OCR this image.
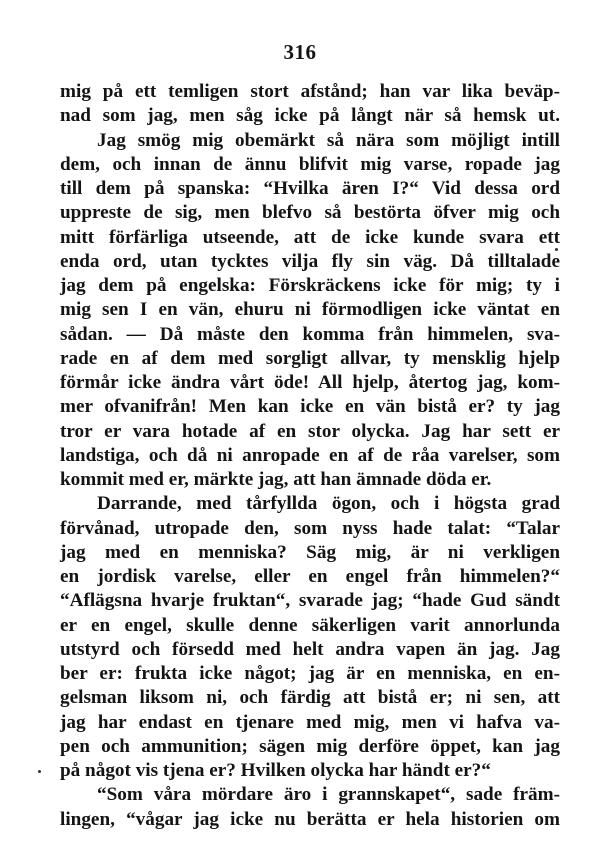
316
mig på ett temligen stort afstånd; han var lika beväp-
nad som jag, men såg icke på långt när så hemsk ut.
Jag smög mig obemärkt så nära som möjligt intill
dem, och innan de ännu blifvit mig varse, ropade jag
till dem på spanska: “Hvilka ären I?“ Vid dessa ord
uppreste de sig, men blefvo så bestörta öfver mig och
mitt förfärliga utseende, att de icke kunde svara ett
enda ord, utan tycktes vilja fly sin väg. Då tilltalade
jag dem på engelska: Förskräckens icke för mig; ty i
mig sen I en vän, ehuru ni förmodligen icke väntat en
sådan. — Då måste den komma från himmelen, sva-
rade en af dem med sorgligt allvar, ty mensklig hjelp
förmår icke ändra vårt öde! All hjelp, återtog jag, kom-
mer ofvanifrån! Men kan icke en vän bistå er? ty jag
tror er vara hotade af en stor olycka. Jag har sett er
landstiga, och då ni anropade en af de råa varelser, som
kommit med er, märkte jag, att han ämnade döda er.
Darrande, med tårfyllda ögon, och i högsta grad
förvånad, utropade den, som nyss hade talat: “Talar
jag med en menniska? Säg mig, är ni verkligen
en jordisk varelse, eller en engel från himmelen?“
“Aflägsna hvarje fruktan“, svarade jag; “hade Gud sändt
er en engel, skulle denne säkerligen varit annorlunda
utstyrd och försedd med helt andra vapen än jag. Jag
ber er: frukta icke något; jag är en menniska, en en-
gelsman liksom ni, och färdig att bistå er; ni sen, att
jag har endast en tjenare med mig, men vi hafva va-
pen och ammunition; sägen mig derföre öppet, kan jag
på något vis tjena er? Hvilken olycka har händt er?“
“Som våra mördare äro i grannskapet“, sade främ-
lingen, “vågar jag icke nu berätta er hela historien om
